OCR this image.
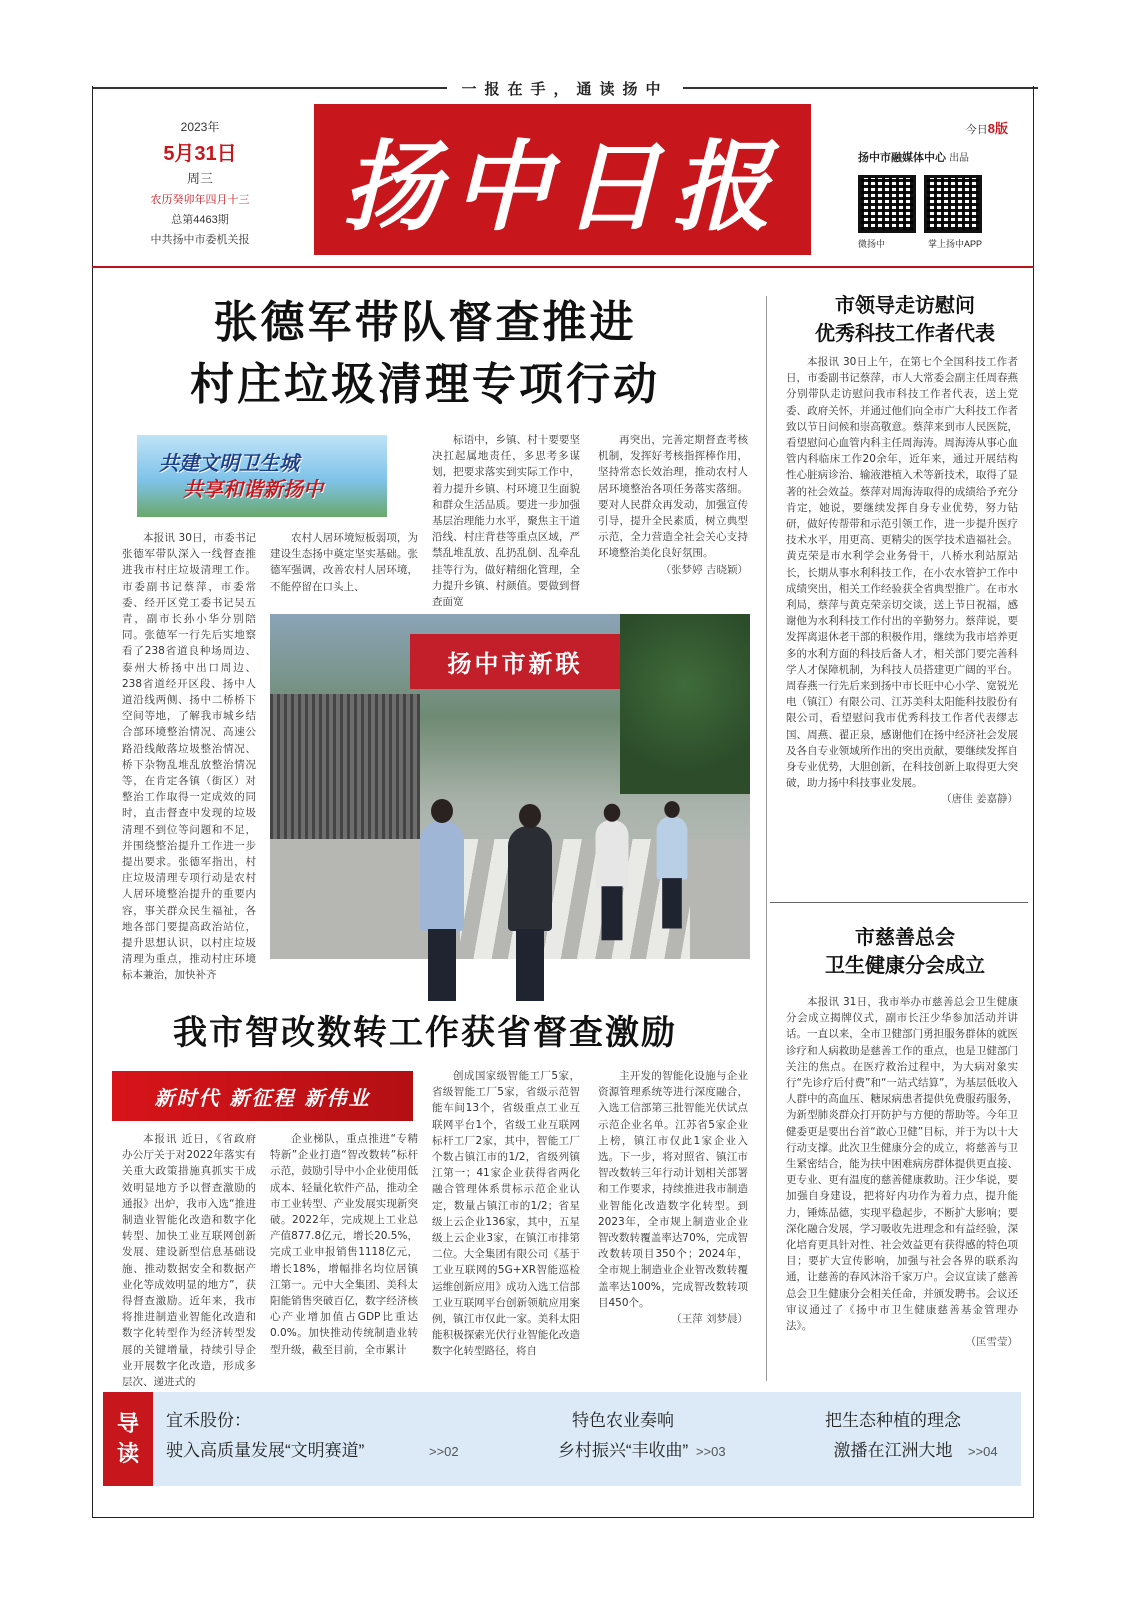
一报在手，通读扬中
2023年
5月31日
周三
农历癸卯年四月十三
总第4463期
中共扬中市委机关报 扬中日报	今日8版
扬中市融媒体中心 出品
微扬中	掌上扬中APP
张德军带队督查推进
村庄垃圾清理专项行动
共建文明卫生城
共享和谐新扬中

本报讯 30日，市委书记张德军带队深入一线督查推进我市村庄垃圾清理工作。市委副书记蔡萍，市委常委、经开区党工委书记吴五青，副市长孙小华分别陪同。张德军一行先后实地察看了238省道良种场周边、泰州大桥扬中出口周边、238省道经开区段、扬中人道沿线两侧、扬中二桥桥下空间等地，了解我市城乡结合部环境整治情况、高速公路沿线敞落垃圾整治情况、桥下杂物乱堆乱放整治情况等，在肯定各镇（街区）对整治工作取得一定成效的同时，直击督查中发现的垃圾清理不到位等问题和不足，并围绕整治提升工作进一步提出要求。张德军指出，村庄垃圾清理专项行动是农村人居环境整治提升的重要内容，事关群众民生福祉，各地各部门要提高政治站位，提升思想认识，以村庄垃圾清理为重点，推动村庄环境标本兼治，加快补齐

农村人居环境短板弱项，为建设生态扬中奠定坚实基础。张德军强调，改善农村人居环境，不能停留在口头上、

标语中，乡镇、村十要要坚决扛起属地责任，多思考多谋划，把要求落实到实际工作中，着力提升乡镇、村环境卫生面貌和群众生活品质。要进一步加强基层治理能力水平，聚焦主干道沿线、村庄背巷等重点区域，严禁乱堆乱放、乱扔乱倒、乱牵乱挂等行为，做好精细化管理，全力提升乡镇、村颜值。要做到督查面宽

再突出，完善定期督查考核机制，发挥好考核指挥棒作用，坚持常态长效治理，推动农村人居环境整治各项任务落实落细。要对人民群众再发动，加强宣传引导，提升全民素质，树立典型示范，全力营造全社会关心支持环境整治美化良好氛围。

（张梦婷 吉晓颖）
扬中市新联
我市智改数转工作获省督查激励
新时代 新征程 新伟业

本报讯 近日，《省政府办公厅关于对2022年落实有关重大政策措施真抓实干成效明显地方予以督查激励的通报》出炉，我市入选“推进制造业智能化改造和数字化转型、加快工业互联网创新发展、建设新型信息基础设施、推动数据安全和数据产业化等成效明显的地方”，获得督查激励。近年来，我市将推进制造业智能化改造和数字化转型作为经济转型发展的关键增量，持续引导企业开展数字化改造，形成多层次、递进式的

企业梯队，重点推进“专精特新”企业打造“智改数转”标杆示范，鼓励引导中小企业使用低成本、轻量化软件产品，推动全市工业转型、产业发展实现新突破。2022年，完成规上工业总产值877.8亿元，增长20.5%，完成工业申报销售1118亿元，增长18%，增幅排名均位居镇江第一。元中大全集团、美科太阳能销售突破百亿，数字经济核心产业增加值占GDP比重达0.0%。加快推动传统制造业转型升级，截至目前，全市累计

创成国家级智能工厂5家，省级智能工厂5家，省级示范智能车间13个，省级重点工业互联网平台1个，省级工业互联网标杆工厂2家，其中，智能工厂个数占镇江市的1/2，省级列镇江第一；41家企业获得省两化融合管理体系贯标示范企业认定，数量占镇江市的1/2；省星级上云企业136家，其中，五星级上云企业3家，在镇江市排第二位。大全集团有限公司《基于工业互联网的5G+XR智能巡检运维创新应用》成功入选工信部工业互联网平台创新领航应用案例，镇江市仅此一家。美科太阳能积极探索光伏行业智能化改造数字化转型路径，将自

主开发的智能化设施与企业资源管理系统等进行深度融合，入选工信部第三批智能光伏试点示范企业名单。江苏省5家企业上榜，镇江市仅此1家企业入选。下一步，将对照省、镇江市智改数转三年行动计划相关部署和工作要求，持续推进我市制造业智能化改造数字化转型。到2023年，全市规上制造业企业智改数转覆盖率达70%，完成智改数转项目350个；2024年，全市规上制造业企业智改数转覆盖率达100%，完成智改数转项目450个。

（王萍 刘梦晨）
市领导走访慰问
优秀科技工作者代表

本报讯 30日上午，在第七个全国科技工作者日，市委副书记蔡萍，市人大常委会副主任周春燕分别带队走访慰问我市科技工作者代表，送上党委、政府关怀，并通过他们向全市广大科技工作者致以节日问候和崇高敬意。蔡萍来到市人民医院，看望慰问心血管内科主任周海涛。周海涛从事心血管内科临床工作20余年，近年来，通过开展结构性心脏病诊治、输液港植入术等新技术，取得了显著的社会效益。蔡萍对周海涛取得的成绩给予充分肯定，她说，要继续发挥自身专业优势，努力钻研，做好传帮带和示范引领工作，进一步提升医疗技术水平，用更高、更精尖的医学技术造福社会。黄克荣是市水利学会业务骨干，八桥水利站原站长，长期从事水利科技工作，在小农水管护工作中成绩突出，相关工作经验获全省典型推广。在市水利局，蔡萍与黄克荣亲切交谈，送上节日祝福，感谢他为水利科技工作付出的辛勤努力。蔡萍说，要发挥离退休老干部的积极作用，继续为我市培养更多的水利方面的科技后备人才，相关部门要完善科学人才保障机制，为科技人员搭建更广阔的平台。周春燕一行先后来到扬中市长旺中心小学、宽锐光电（镇江）有限公司、江苏美科太阳能科技股份有限公司，看望慰问我市优秀科技工作者代表缪志国、周燕、翟正泉，感谢他们在扬中经济社会发展及各自专业领域所作出的突出贡献，要继续发挥自身专业优势，大胆创新，在科技创新上取得更大突破，助力扬中科技事业发展。

（唐佳 姜嘉静）
市慈善总会
卫生健康分会成立

本报讯 31日，我市举办市慈善总会卫生健康分会成立揭牌仪式，副市长汪少华参加活动并讲话。一直以来，全市卫健部门勇担服务群体的就医诊疗和人病救助是慈善工作的重点，也是卫健部门关注的焦点。在医疗救治过程中，为大病对象实行“先诊疗后付费”和“一站式结算”，为基层低收入人群中的高血压、糖尿病患者提供免费服药服务，为新型肺炎群众打开防护与方便的帮助等。今年卫健委更是要出台首“敢心卫健”目标，并于为以十大行动支撑。此次卫生健康分会的成立，将慈善与卫生紧密结合，能为扶中困难病房群体提供更直接、更专业、更有温度的慈善健康救助。汪少华说，要加强自身建设，把将好内功作为着力点，提升能力，锤炼品德，实现平稳起步，不断扩大影响；要深化融合发展，学习吸收先进理念和有益经验，深化培育更具针对性、社会效益更有获得感的特色项目；要扩大宣传影响，加强与社会各界的联系沟通，让慈善的春风沐浴千家万户。会议宣读了慈善总会卫生健康分会相关任命，并颁发聘书。会议还审议通过了《扬中市卫生健康慈善基金管理办法》。

（匡雪莹）
导
读
宜禾股份：
驶入高质量发展“文明赛道”	>>02
特色农业奏响
乡村振兴“丰收曲” >>03
把生态种植的理念
激播在江洲大地	>>04
